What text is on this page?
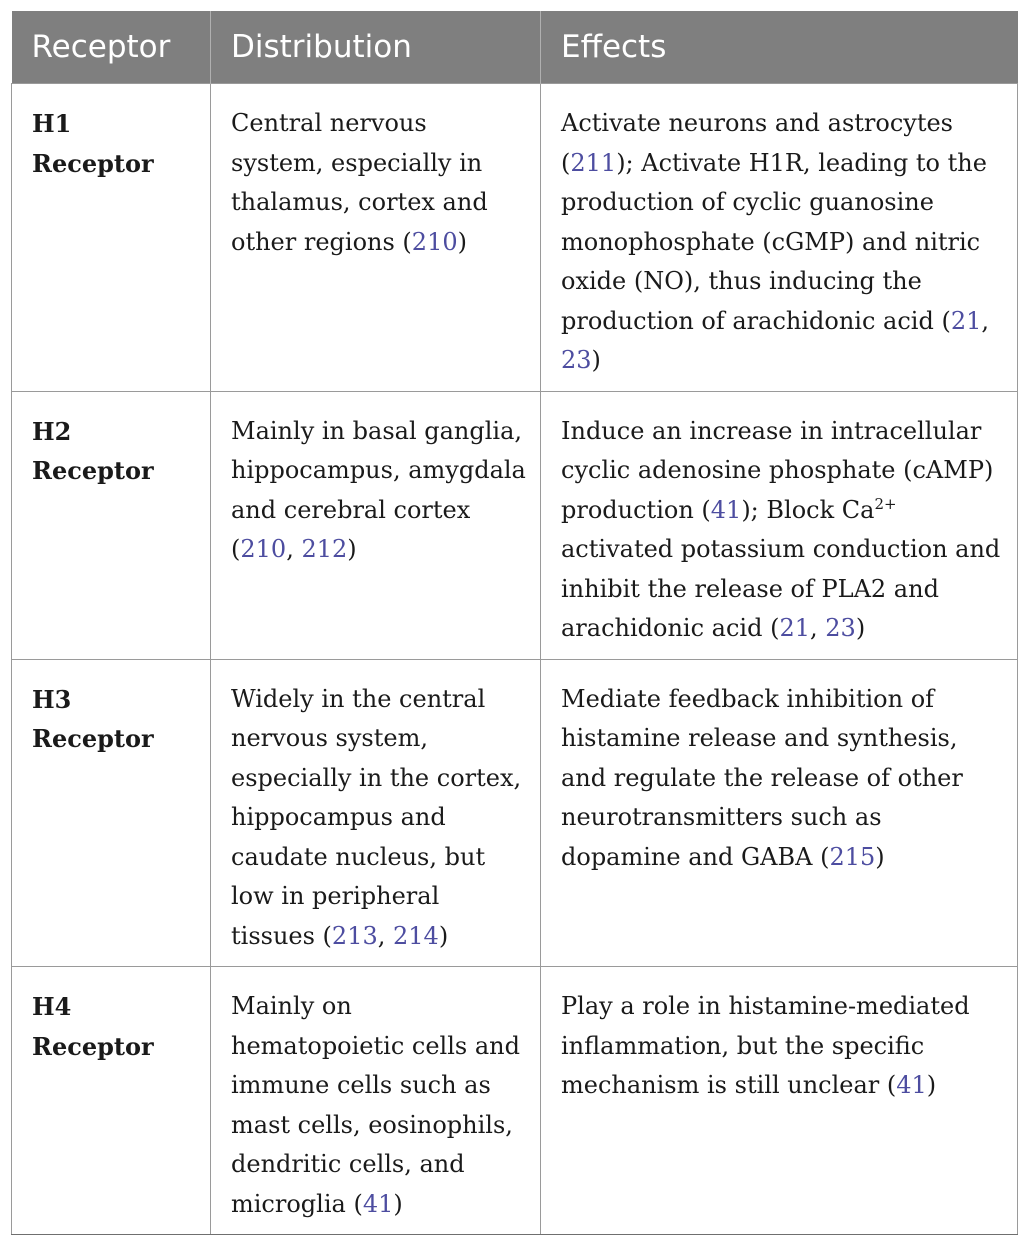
Receptor	Distribution	Effects
H1 Receptor	Central nervous system, especially in thalamus, cortex and other regions (210)	Activate neurons and astrocytes (211); Activate H1R, leading to the production of cyclic guanosine monophosphate (cGMP) and nitric oxide (NO), thus inducing the production of arachidonic acid (21, 23)
H2 Receptor	Mainly in basal ganglia, hippocampus, amygdala and cerebral cortex (210, 212)	Induce an increase in intracellular cyclic adenosine phosphate (cAMP) production (41); Block $Ca^{2+}$ activated potassium conduction and inhibit the release of PLA2 and arachidonic acid (21, 23)
H3 Receptor	Widely in the central nervous system, especially in the cortex, hippocampus and caudate nucleus, but low in peripheral tissues (213, 214)	Mediate feedback inhibition of histamine release and synthesis, and regulate the release of other neurotransmitters such as dopamine and GABA (215)
H4 Receptor	Mainly on hematopoietic cells and immune cells such as mast cells, eosinophils, dendritic cells, and microglia (41)	Play a role in histamine-mediated inflammation, but the specific mechanism is still unclear (41)
